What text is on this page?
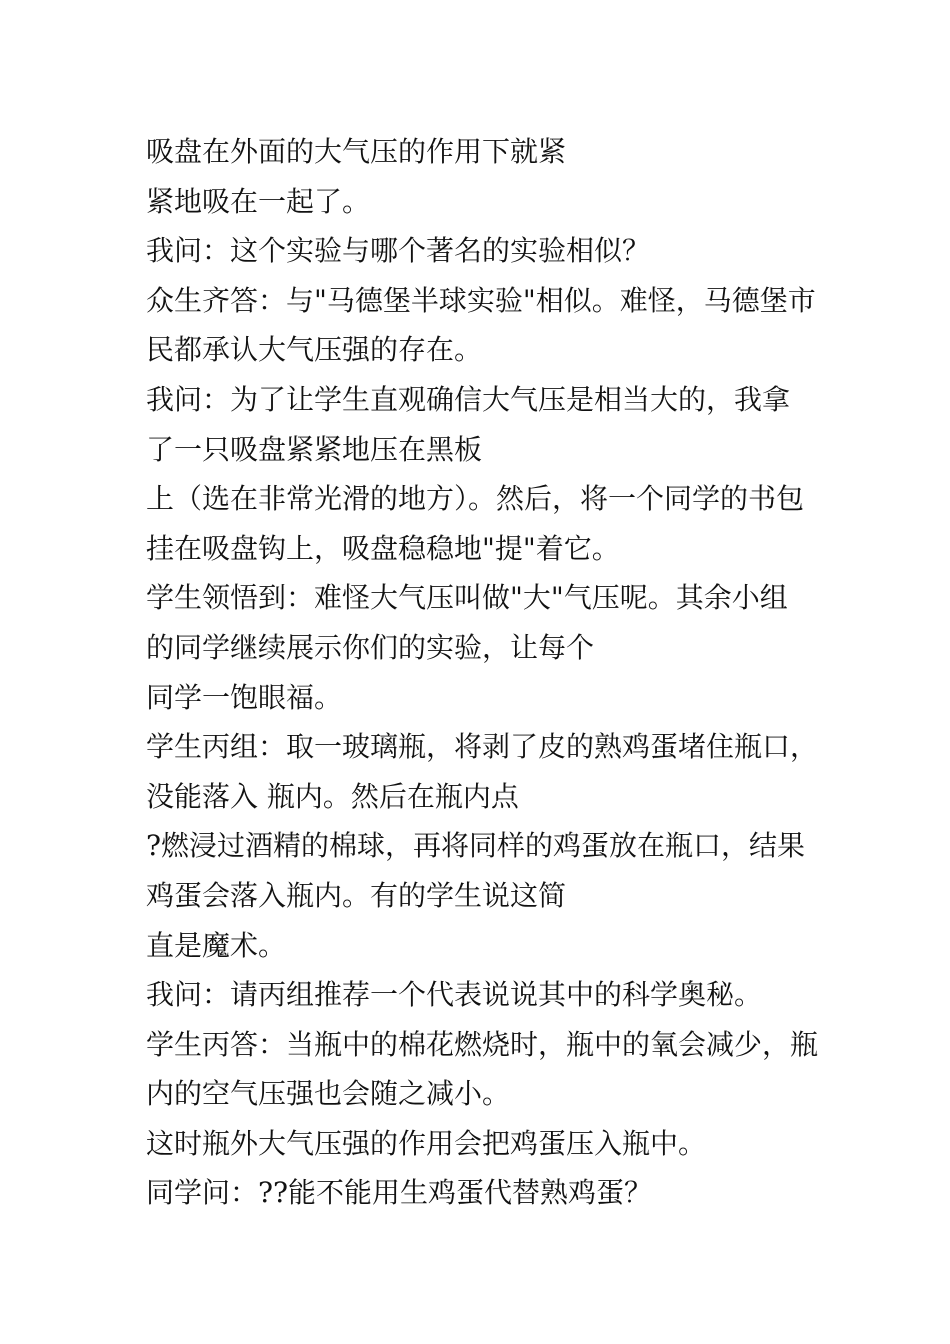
吸盘在外面的大气压的作用下就紧
紧地吸在一起了。
我问：这个实验与哪个著名的实验相似？
众生齐答：与"马德堡半球实验"相似。难怪，马德堡市
民都承认大气压强的存在。
我问：为了让学生直观确信大气压是相当大的，我拿
了一只吸盘紧紧地压在黑板
上（选在非常光滑的地方）。然后，将一个同学的书包
挂在吸盘钩上，吸盘稳稳地"提"着它。
学生领悟到：难怪大气压叫做"大"气压呢。其余小组
的同学继续展示你们的实验，让每个
同学一饱眼福。
学生丙组：取一玻璃瓶，将剥了皮的熟鸡蛋堵住瓶口，
没能落入 瓶内。然后在瓶内点
?燃浸过酒精的棉球，再将同样的鸡蛋放在瓶口，结果
鸡蛋会落入瓶内。有的学生说这简
直是魔术。
我问：请丙组推荐一个代表说说其中的科学奥秘。
学生丙答：当瓶中的棉花燃烧时，瓶中的氧会减少，瓶
内的空气压强也会随之减小。
这时瓶外大气压强的作用会把鸡蛋压入瓶中。
同学问：??能不能用生鸡蛋代替熟鸡蛋？
